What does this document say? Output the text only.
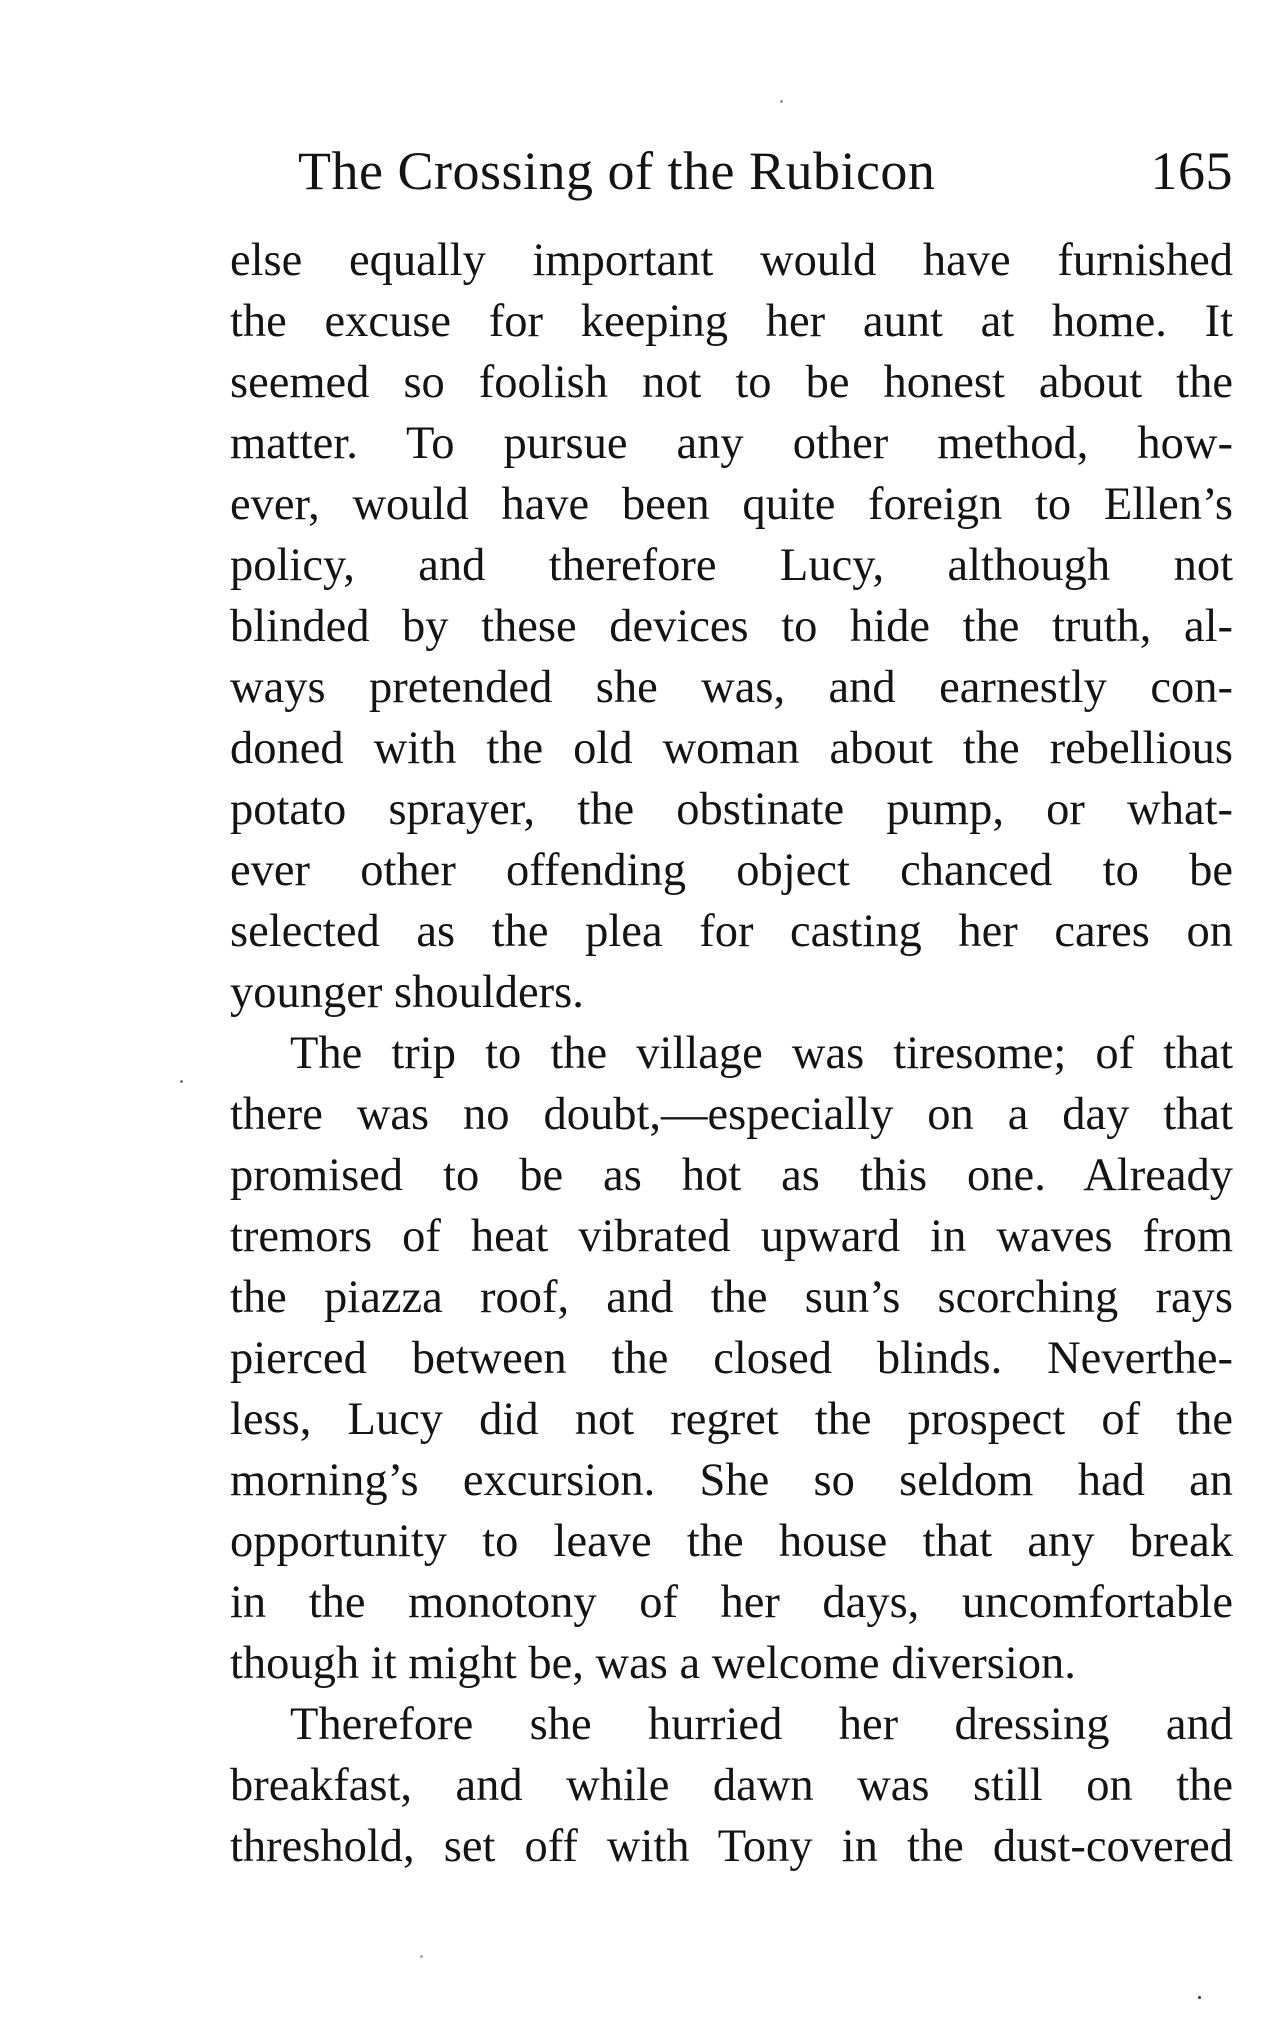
The Crossing of the Rubicon	165
else equally important would have furnished
the excuse for keeping her aunt at home. It
seemed so foolish not to be honest about the
matter. To pursue any other method, how-
ever, would have been quite foreign to Ellen’s
policy, and therefore Lucy, although not
blinded by these devices to hide the truth, al-
ways pretended she was, and earnestly con-
doned with the old woman about the rebellious
potato sprayer, the obstinate pump, or what-
ever other offending object chanced to be
selected as the plea for casting her cares on
younger shoulders.
The trip to the village was tiresome; of that
there was no doubt,—especially on a day that
promised to be as hot as this one. Already
tremors of heat vibrated upward in waves from
the piazza roof, and the sun’s scorching rays
pierced between the closed blinds. Neverthe-
less, Lucy did not regret the prospect of the
morning’s excursion. She so seldom had an
opportunity to leave the house that any break
in the monotony of her days, uncomfortable
though it might be, was a welcome diversion.
Therefore she hurried her dressing and
breakfast, and while dawn was still on the
threshold, set off with Tony in the dust-covered
